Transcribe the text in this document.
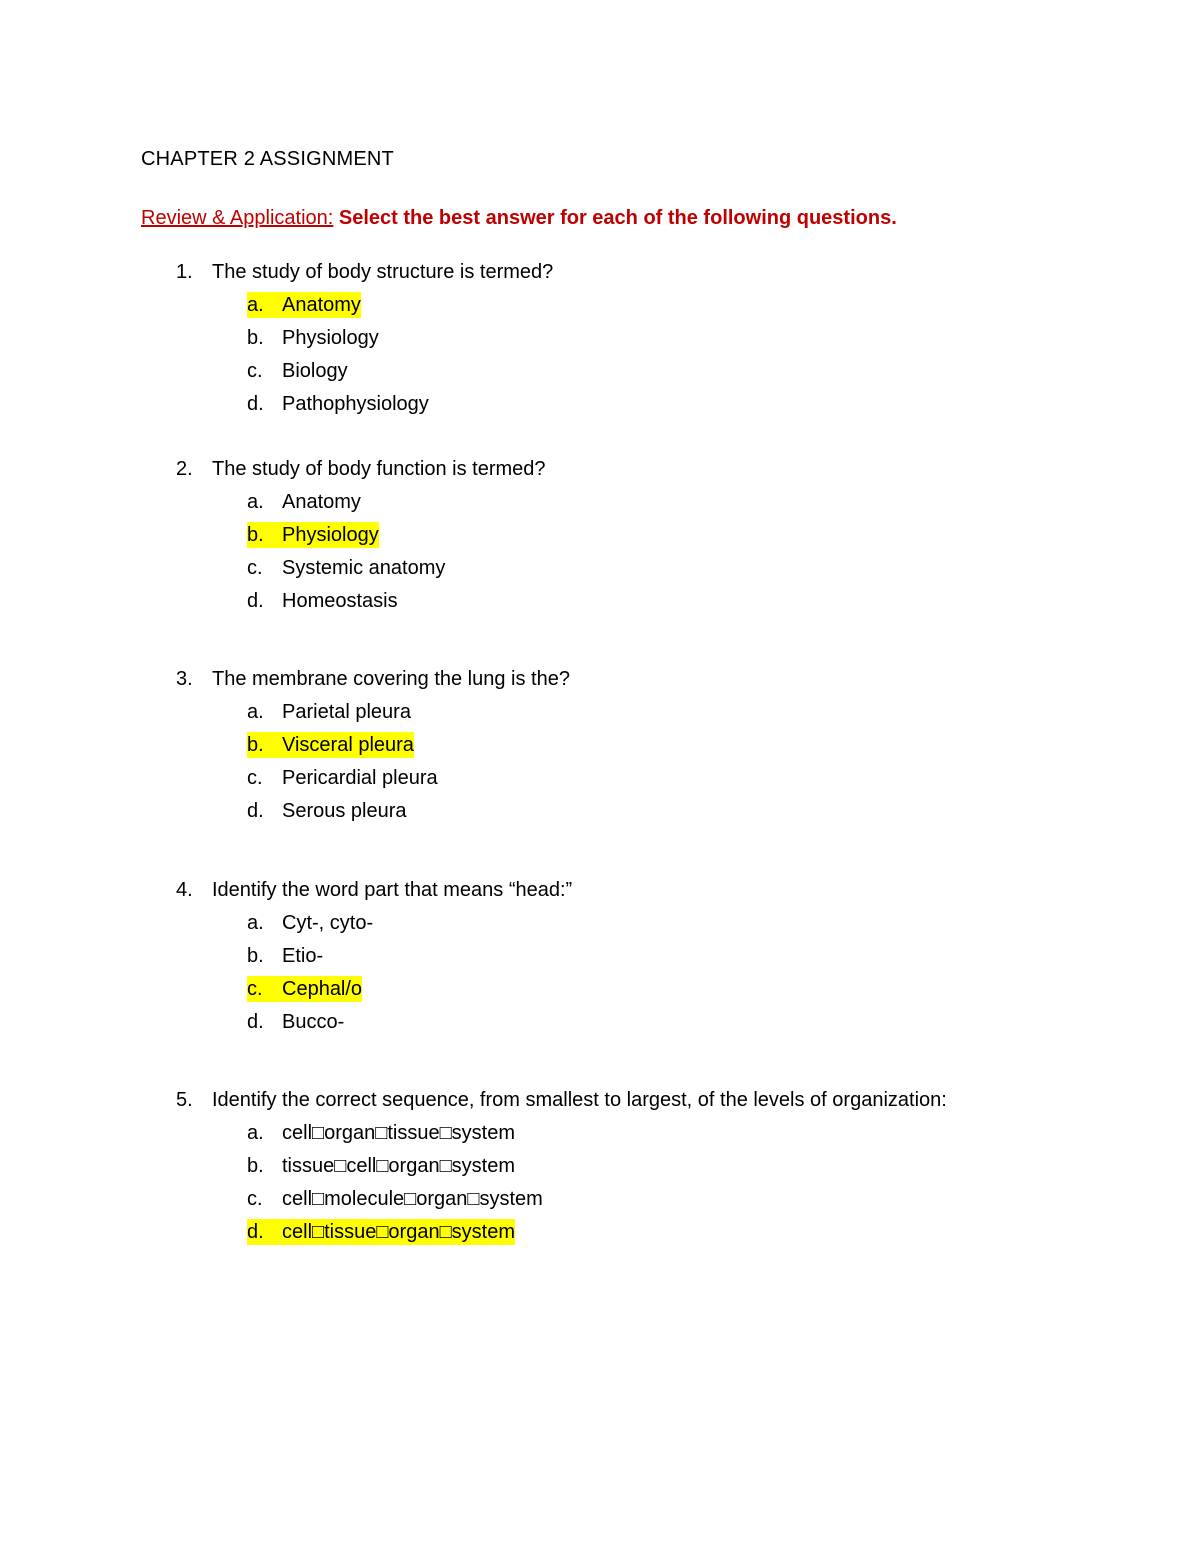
CHAPTER 2 ASSIGNMENT
Review & Application: Select the best answer for each of the following questions.
1. The study of body structure is termed?
a. Anatomy
b. Physiology
c. Biology
d. Pathophysiology
2. The study of body function is termed?
a. Anatomy
b. Physiology
c. Systemic anatomy
d. Homeostasis
3. The membrane covering the lung is the?
a. Parietal pleura
b. Visceral pleura
c. Pericardial pleura
d. Serous pleura
4. Identify the word part that means “head:”
a. Cyt-, cyto-
b. Etio-
c. Cephal/o
d. Bucco-
5. Identify the correct sequence, from smallest to largest, of the levels of organization:
a. cell□organ□tissue□system
b. tissue□cell□organ□system
c. cell□molecule□organ□system
d. cell□tissue□organ□system
